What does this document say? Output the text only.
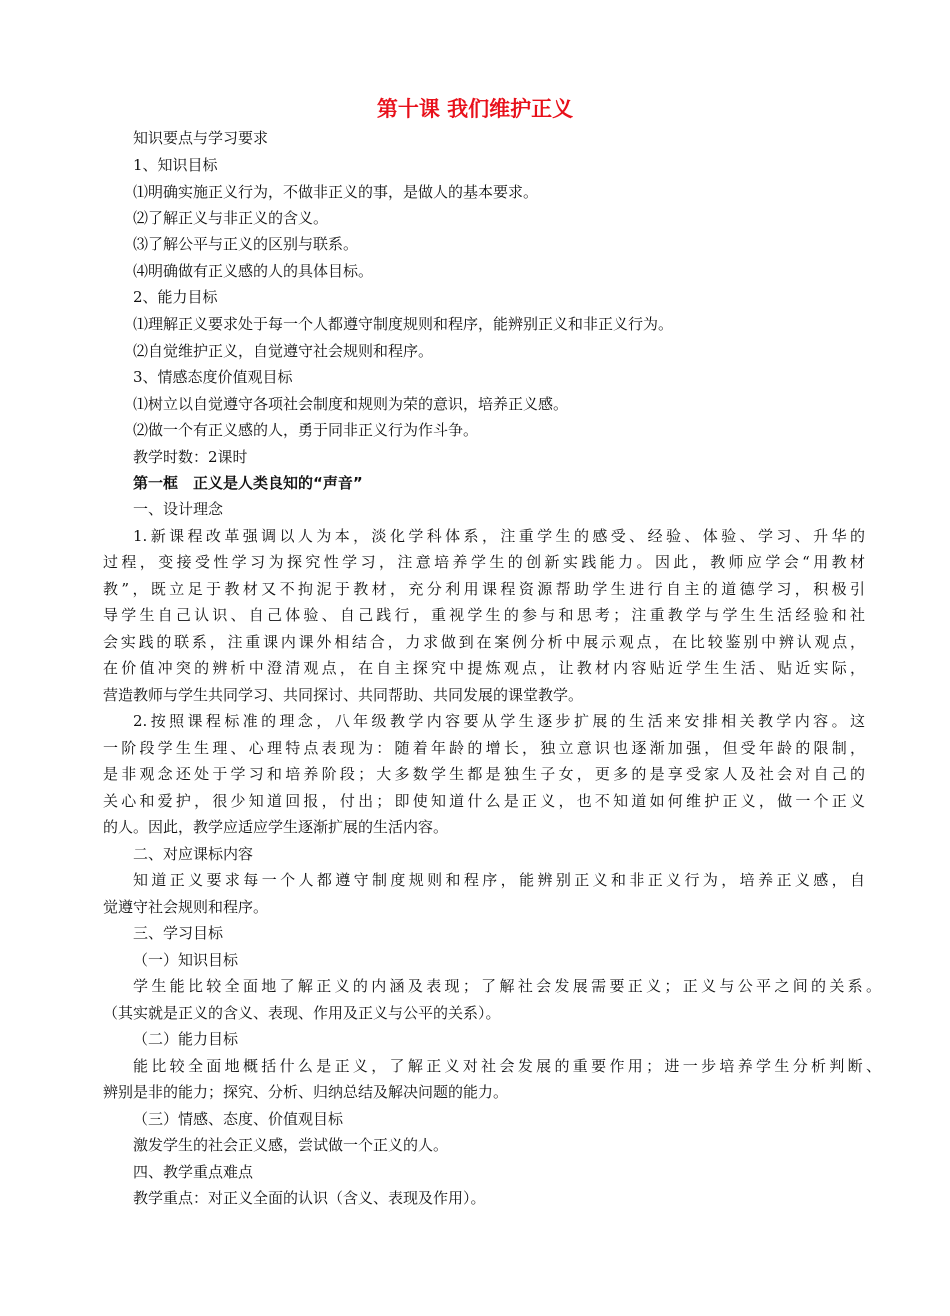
第十课 我们维护正义
知识要点与学习要求
1、知识目标
⑴明确实施正义行为，不做非正义的事，是做人的基本要求。
⑵了解正义与非正义的含义。
⑶了解公平与正义的区别与联系。
⑷明确做有正义感的人的具体目标。
2、能力目标
⑴理解正义要求处于每一个人都遵守制度规则和程序，能辨别正义和非正义行为。
⑵自觉维护正义，自觉遵守社会规则和程序。
3、情感态度价值观目标
⑴树立以自觉遵守各项社会制度和规则为荣的意识，培养正义感。
⑵做一个有正义感的人，勇于同非正义行为作斗争。
教学时数：2课时
第一框　正义是人类良知的“声音”
一、设计理念
1.新课程改革强调以人为本，淡化学科体系，注重学生的感受、经验、体验、学习、升华的
过程，变接受性学习为探究性学习，注意培养学生的创新实践能力。因此，教师应学会“用教材
教”，既立足于教材又不拘泥于教材，充分利用课程资源帮助学生进行自主的道德学习，积极引
导学生自己认识、自己体验、自己践行，重视学生的参与和思考；注重教学与学生生活经验和社
会实践的联系，注重课内课外相结合，力求做到在案例分析中展示观点，在比较鉴别中辨认观点，
在价值冲突的辨析中澄清观点，在自主探究中提炼观点，让教材内容贴近学生生活、贴近实际，
营造教师与学生共同学习、共同探讨、共同帮助、共同发展的课堂教学。
2.按照课程标准的理念，八年级教学内容要从学生逐步扩展的生活来安排相关教学内容。这
一阶段学生生理、心理特点表现为：随着年龄的增长，独立意识也逐渐加强，但受年龄的限制，
是非观念还处于学习和培养阶段；大多数学生都是独生子女，更多的是享受家人及社会对自己的
关心和爱护，很少知道回报，付出；即使知道什么是正义，也不知道如何维护正义，做一个正义
的人。因此，教学应适应学生逐渐扩展的生活内容。
二、对应课标内容
知道正义要求每一个人都遵守制度规则和程序，能辨别正义和非正义行为，培养正义感，自
觉遵守社会规则和程序。
三、学习目标
（一）知识目标
学生能比较全面地了解正义的内涵及表现；了解社会发展需要正义；正义与公平之间的关系。
（其实就是正义的含义、表现、作用及正义与公平的关系）。
（二）能力目标
能比较全面地概括什么是正义，了解正义对社会发展的重要作用；进一步培养学生分析判断、
辨别是非的能力；探究、分析、归纳总结及解决问题的能力。
（三）情感、态度、价值观目标
激发学生的社会正义感，尝试做一个正义的人。
四、教学重点难点
教学重点：对正义全面的认识（含义、表现及作用）。
